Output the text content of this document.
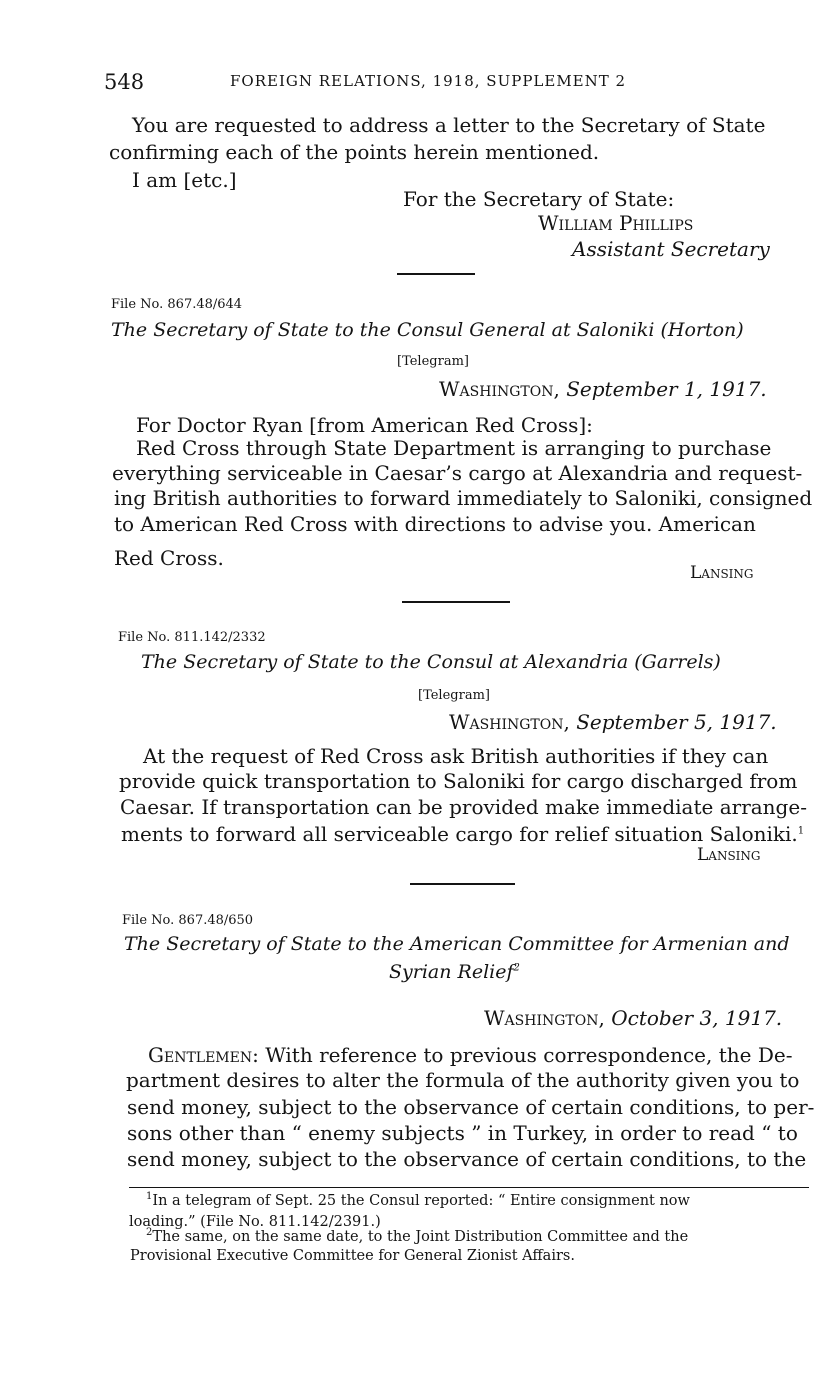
548	FOREIGN RELATIONS, 1918, SUPPLEMENT 2
You are requested to address a letter to the Secretary of State
confirming each of the points herein mentioned.
I am [etc.]
For the Secretary of State:
William Phillips
Assistant Secretary
File No. 867.48/644
The Secretary of State to the Consul General at Saloniki (Horton)
[Telegram]
Washington, September 1, 1917.
For Doctor Ryan [from American Red Cross]:
Red Cross through State Department is arranging to purchase
everything serviceable in Caesar’s cargo at Alexandria and request-
ing British authorities to forward immediately to Saloniki, consigned
to American Red Cross with directions to advise you. American
Red Cross.
Lansing
File No. 811.142/2332
The Secretary of State to the Consul at Alexandria (Garrels)
[Telegram]
Washington, September 5, 1917.
At the request of Red Cross ask British authorities if they can
provide quick transportation to Saloniki for cargo discharged from
Caesar. If transportation can be provided make immediate arrange-
ments to forward all serviceable cargo for relief situation Saloniki.$^1$
Lansing
File No. 867.48/650
The Secretary of State to the American Committee for Armenian and
Syrian Relief$^2$
Washington, October 3, 1917.
Gentlemen: With reference to previous correspondence, the De-
partment desires to alter the formula of the authority given you to
send money, subject to the observance of certain conditions, to per-
sons other than “ enemy subjects ” in Turkey, in order to read “ to
send money, subject to the observance of certain conditions, to the
$^1$In a telegram of Sept. 25 the Consul reported: “ Entire consignment now
loading.” (File No. 811.142/2391.)
$^2$The same, on the same date, to the Joint Distribution Committee and the
Provisional Executive Committee for General Zionist Affairs.
